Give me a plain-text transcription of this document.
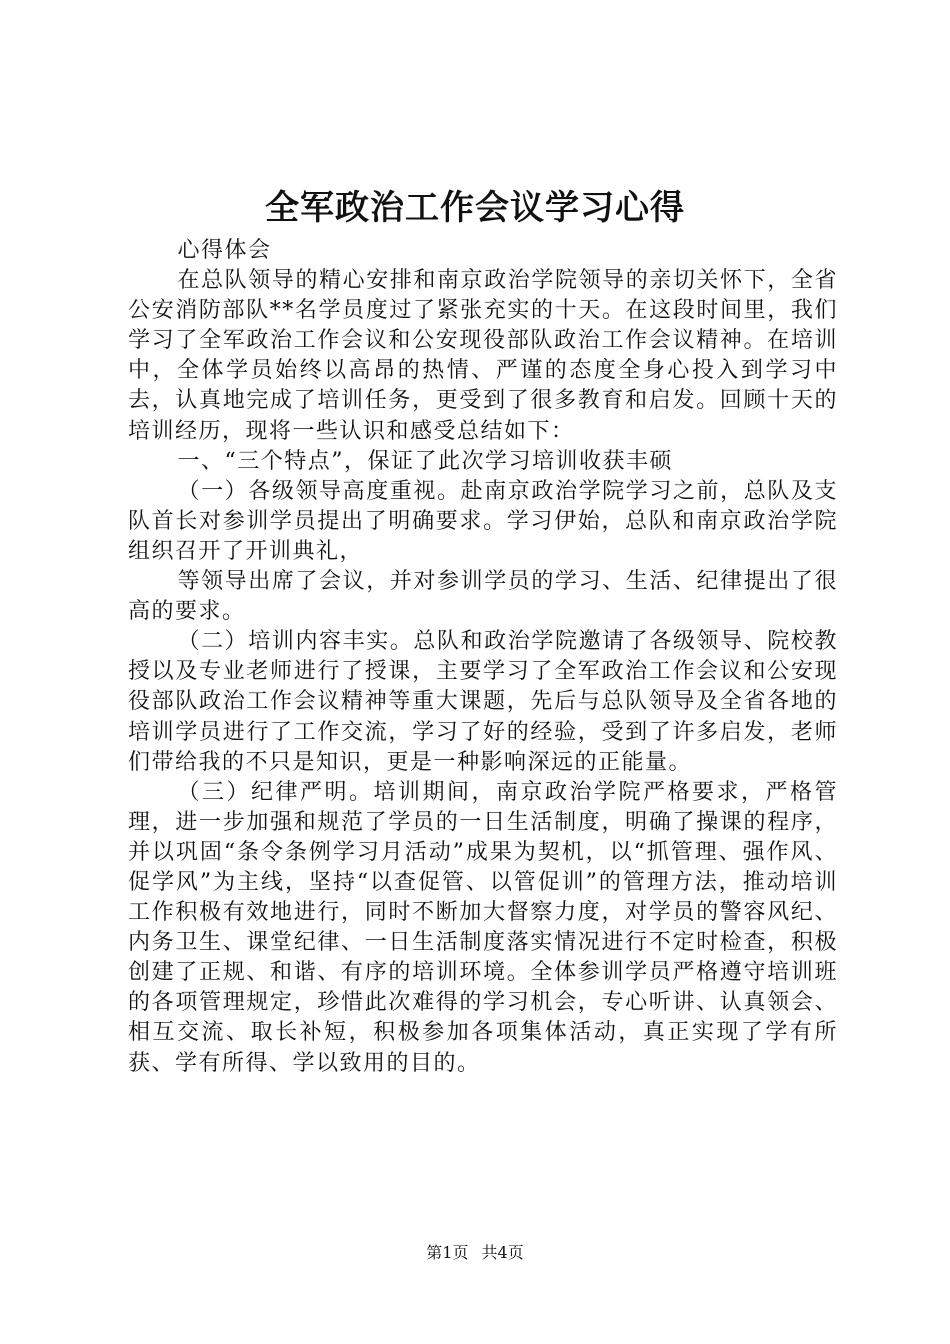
全军政治工作会议学习心得

心得体会

在总队领导的精心安排和南京政治学院领导的亲切关怀下，全省公安消防部队**名学员度过了紧张充实的十天。在这段时间里，我们学习了全军政治工作会议和公安现役部队政治工作会议精神。在培训中，全体学员始终以高昂的热情、严谨的态度全身心投入到学习中去，认真地完成了培训任务，更受到了很多教育和启发。回顾十天的培训经历，现将一些认识和感受总结如下：

一、“三个特点”，保证了此次学习培训收获丰硕

（一）各级领导高度重视。赴南京政治学院学习之前，总队及支队首长对参训学员提出了明确要求。学习伊始，总队和南京政治学院组织召开了开训典礼，

等领导出席了会议，并对参训学员的学习、生活、纪律提出了很高的要求。

（二）培训内容丰实。总队和政治学院邀请了各级领导、院校教授以及专业老师进行了授课，主要学习了全军政治工作会议和公安现役部队政治工作会议精神等重大课题，先后与总队领导及全省各地的培训学员进行了工作交流，学习了好的经验，受到了许多启发，老师们带给我的不只是知识，更是一种影响深远的正能量。

（三）纪律严明。培训期间，南京政治学院严格要求，严格管理，进一步加强和规范了学员的一日生活制度，明确了操课的程序，并以巩固“条令条例学习月活动”成果为契机，以“抓管理、强作风、促学风”为主线，坚持“以查促管、以管促训”的管理方法，推动培训工作积极有效地进行，同时不断加大督察力度，对学员的警容风纪、内务卫生、课堂纪律、一日生活制度落实情况进行不定时检查，积极创建了正规、和谐、有序的培训环境。全体参训学员严格遵守培训班的各项管理规定，珍惜此次难得的学习机会，专心听讲、认真领会、相互交流、取长补短，积极参加各项集体活动，真正实现了学有所获、学有所得、学以致用的目的。

第1页 共4页
